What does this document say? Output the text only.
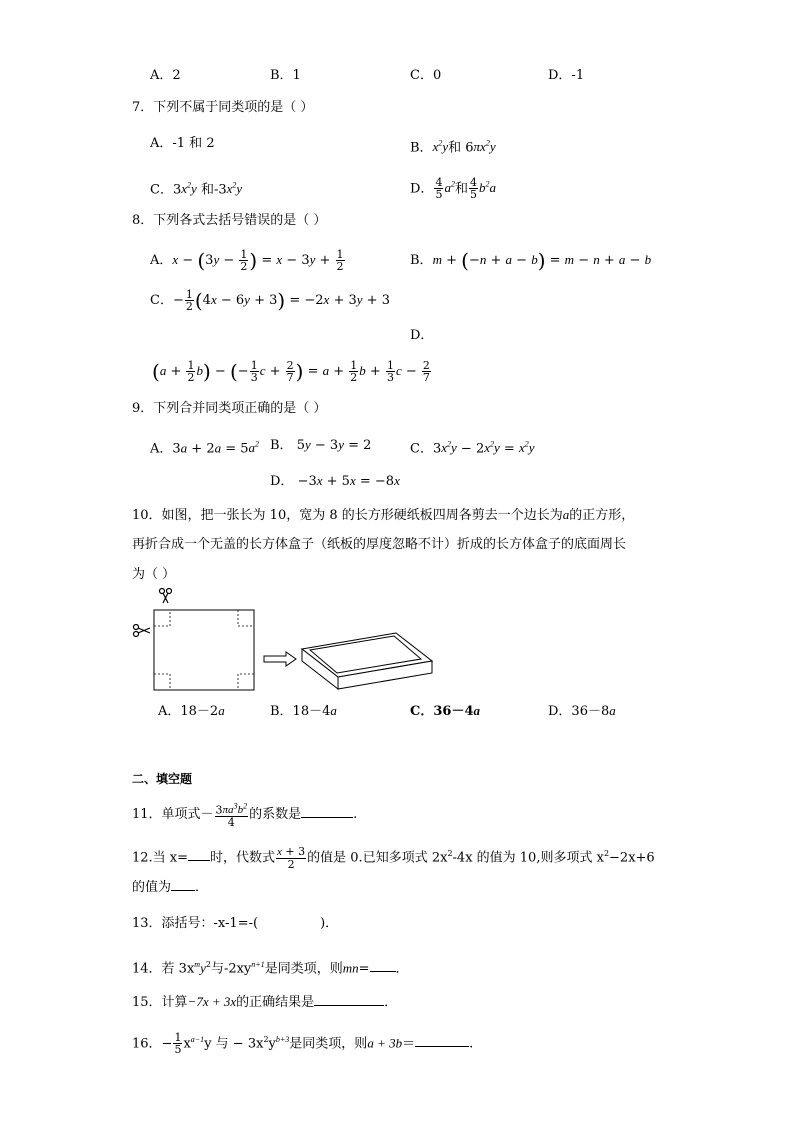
A．2	B．1	C．0	D．-1
7．下列不属于同类项的是（ ）
A．-1 和 2	B．$x^2y$和 $6\pi x^2y$
C．$3x^2y$ 和$-3x^2y$	D． $\frac{4}{5} a^2$和 $\frac{4}{5} b^2a$
8．下列各式去括号错误的是（ ）
A．$x - (3y - \frac{1}{2}$ ) = $x - 3y + \frac{1}{2}$	B．m + (−n + a − b) = m − n + a − b
C．− $\frac{1}{2} (4x - 6y + 3) = -2x + 3y + 3$
D．
$(a + \frac{1}{2} b)$ − (− $\frac{1}{3}$ $c + \frac{2}{7}$ ) = $a + \frac{1}{2}$ $b + \frac{1}{3}$ $c - \frac{2}{7}$
9．下列合并同类项正确的是（ ）
A．$3a + 2a = 5a^2$ B． 5y − 3y = 2	C．$3x^2y - 2x^2y = x^2y$
D． −3x + 5x = −8x
10．如图，把一张长为 10，宽为 8 的长方形硬纸板四周各剪去一个边长为a的正方形，
再折合成一个无盖的长方体盒子（纸板的厚度忽略不计）折成的长方体盒子的底面周长
为（ ）
A．18－2a	B．18－4a	C．36－4a	D．36－8a
二、填空题
11．单项式－ $\frac{3\pi a^3b^2}{4}$ 的系数是	.
12.当 x= 时，代数式 $\frac{x + 3}{2}$ 的值是 0.已知多项式 $2x^2-4x$ 的值为 10,则多项式 $x^2-2x+6$
的值为 ．
13．添括号：-x-1=-(	)．
14．若 $3x^my^2$与$-2xy^{n+1}$是同类项，则mn= ．
15．计算−7x + 3x的正确结果是	．
16．− $\frac{1}{5} x^{a-1}y$ 与 − $3x^2y^{b+3}$是同类项，则a + 3b＝	.
